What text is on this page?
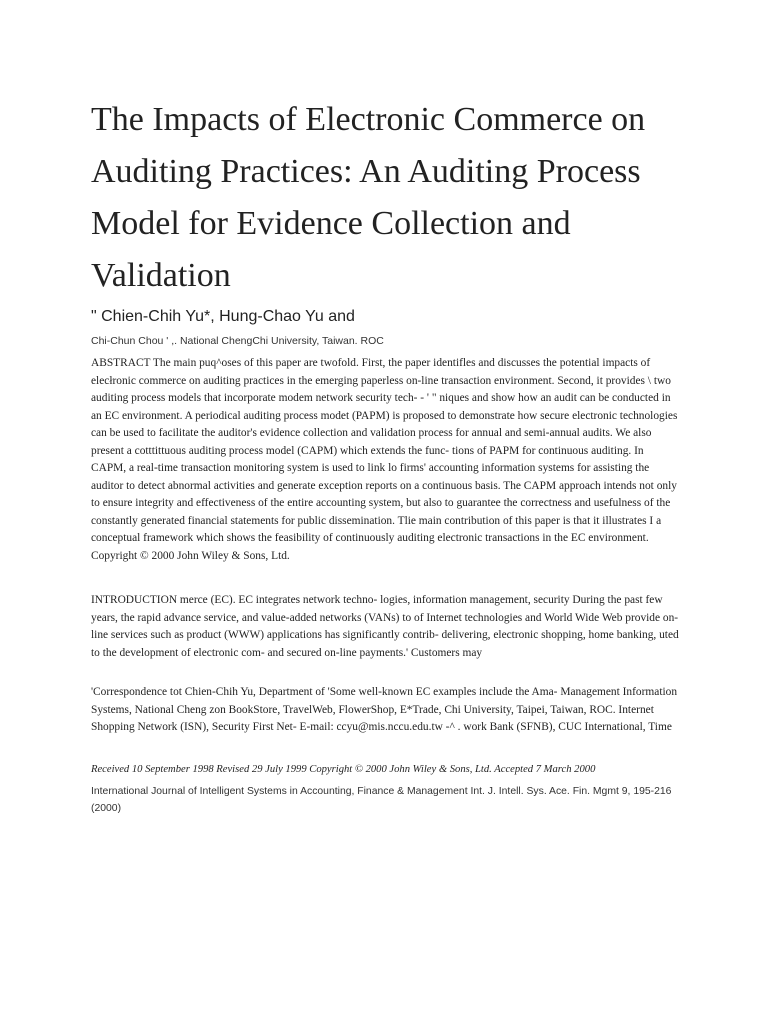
The Impacts of Electronic Commerce on Auditing Practices: An Auditing Process Model for Evidence Collection and Validation

" Chien-Chih Yu*, Hung-Chao Yu and

Chi-Chun Chou ' ,. National ChengChi University, Taiwan. ROC

ABSTRACT The main puq^oses of this paper are twofold. First, the paper identifles and discusses the potential impacts of elecłronic commerce on auditing practices in the emerging paperless on-line transaction environment. Second, it provides \ two auditing process models that incorporate modem network security tech- - ' " niques and show how an audit can be conducted in an EC environment. A periodical auditing process modet (PAPM) is proposed to demonstrate how secure electronic technologies can be used to facilitate the auditor's evidence collection and validation process for annual and semi-annual audits. We also present a cotttittuous auditing process model (CAPM) which extends the func- tions of PAPM for continuous auditing. In CAPM, a real-time transaction monitoring system is used to link lo firms' accounting information systems for assisting the auditor to detect abnormal activities and generate exception reports on a continuous basis. The CAPM approach intends not only to ensure integrity and effectiveness of the entire accounting system, but also to guarantee the correctness and usefulness of the constantly generated financial statements for public dissemination. Tlie main contribution of this paper is that it illustrates I a conceptual framework which shows the feasibility of continuously auditing electronic transactions in the EC environment. Copyright © 2000 John Wiley & Sons, Ltd.

INTRODUCTION merce (EC). EC integrates network techno- logies, information management, security During the past few years, the rapid advance service, and value-added networks (VANs) to of Internet technologies and World Wide Web provide on-line services such as product (WWW) applications has significantly contrib- delivering, electronic shopping, home banking, uted to the development of electronic com- and secured on-line payments.' Customers may

'Correspondence tot Chien-Chih Yu, Department of 'Some well-known EC examples include the Ama- Management Information Systems, National Cheng zon BookStore, TravelWeb, FlowerShop, E*Trade, Chi University, Taipei, Taiwan, ROC. Internet Shopping Network (ISN), Security First Net- E-mail: ccyu@mis.nccu.edu.tw -^ . work Bank (SFNB), CUC International, Time

Received 10 September 1998 Revised 29 July 1999 Copyright © 2000 John Wiley & Sons, Ltd. Accepted 7 March 2000

International Journal of Intelligent Systems in Accounting, Finance & Management Int. J. Intell. Sys. Ace. Fin. Mgmt 9, 195-216 (2000)
